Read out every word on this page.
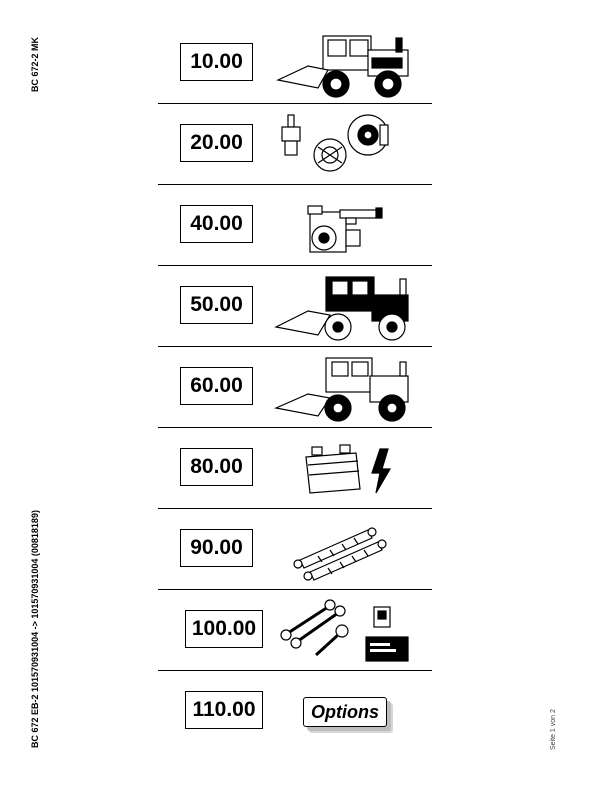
BC 672-2 MK
BC 672 EB-2 101570931004 -> 101570931004 (00818189)	Seite 1 von 2
10.00
20.00
40.00
50.00
60.00
80.00
90.00
100.00
110.00	Options
